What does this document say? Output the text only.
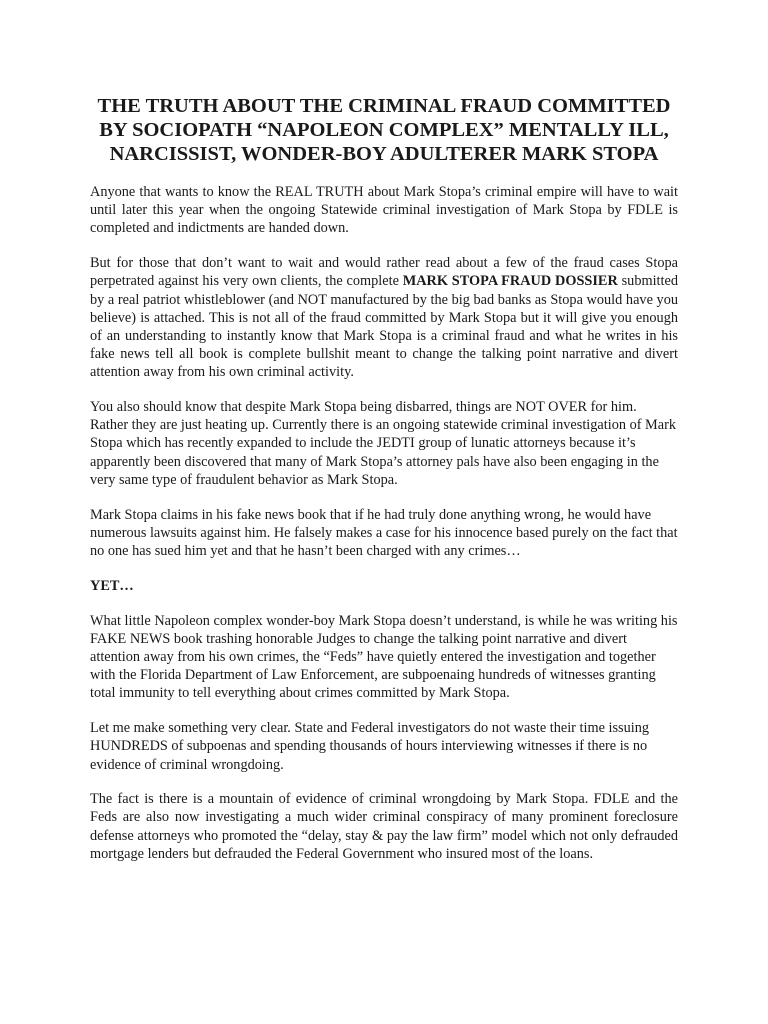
THE TRUTH ABOUT THE CRIMINAL FRAUD COMMITTED
BY SOCIOPATH “NAPOLEON COMPLEX” MENTALLY ILL,
NARCISSIST, WONDER-BOY ADULTERER MARK STOPA

Anyone that wants to know the REAL TRUTH about Mark Stopa’s criminal empire will have to wait until later this year when the ongoing Statewide criminal investigation of Mark Stopa by FDLE is completed and indictments are handed down.

But for those that don’t want to wait and would rather read about a few of the fraud cases Stopa perpetrated against his very own clients, the complete MARK STOPA FRAUD DOSSIER submitted by a real patriot whistleblower (and NOT manufactured by the big bad banks as Stopa would have you believe) is attached. This is not all of the fraud committed by Mark Stopa but it will give you enough of an understanding to instantly know that Mark Stopa is a criminal fraud and what he writes in his fake news tell all book is complete bullshit meant to change the talking point narrative and divert attention away from his own criminal activity.

You also should know that despite Mark Stopa being disbarred, things are NOT OVER for him. Rather they are just heating up. Currently there is an ongoing statewide criminal investigation of Mark Stopa which has recently expanded to include the JEDTI group of lunatic attorneys because it’s apparently been discovered that many of Mark Stopa’s attorney pals have also been engaging in the very same type of fraudulent behavior as Mark Stopa.

Mark Stopa claims in his fake news book that if he had truly done anything wrong, he would have numerous lawsuits against him. He falsely makes a case for his innocence based purely on the fact that no one has sued him yet and that he hasn’t been charged with any crimes…

YET…

What little Napoleon complex wonder-boy Mark Stopa doesn’t understand, is while he was writing his FAKE NEWS book trashing honorable Judges to change the talking point narrative and divert attention away from his own crimes, the “Feds” have quietly entered the investigation and together with the Florida Department of Law Enforcement, are subpoenaing hundreds of witnesses granting total immunity to tell everything about crimes committed by Mark Stopa.

Let me make something very clear. State and Federal investigators do not waste their time issuing HUNDREDS of subpoenas and spending thousands of hours interviewing witnesses if there is no evidence of criminal wrongdoing.

The fact is there is a mountain of evidence of criminal wrongdoing by Mark Stopa. FDLE and the Feds are also now investigating a much wider criminal conspiracy of many prominent foreclosure defense attorneys who promoted the “delay, stay & pay the law firm” model which not only defrauded mortgage lenders but defrauded the Federal Government who insured most of the loans.
